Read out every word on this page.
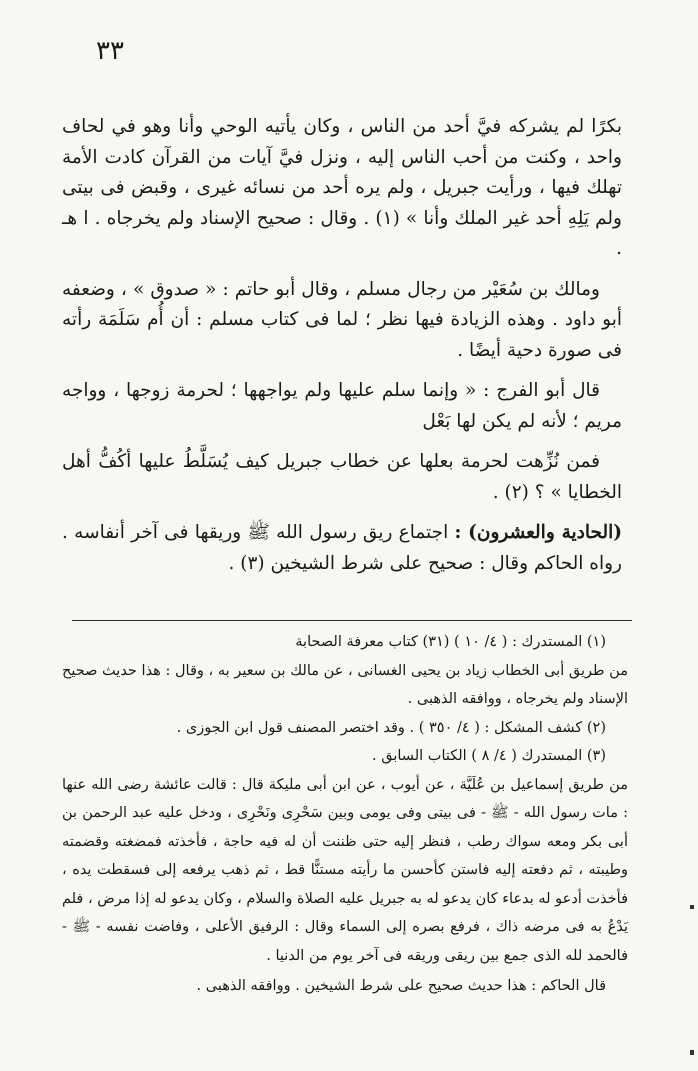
٣٣

بكرًا لم يشركه فيَّ أحد من الناس ، وكان يأتيه الوحي وأنا وهو في لحاف واحد ، وكنت من أحب الناس إليه ، ونزل فيَّ آيات من القرآن كادت الأمة تهلك فيها ، ورأيت جبريل ، ولم يره أحد من نسائه غيرى ، وقبض فى بيتى ولم يَلِهِ أحد غير الملك وأنا » (١) . وقال : صحيح الإسناد ولم يخرجاه . ا هـ .

ومالك بن سُعَيْر من رجال مسلم ، وقال أبو حاتم : « صدوق » ، وضعفه أبو داود . وهذه الزيادة فيها نظر ؛ لما فى كتاب مسلم : أن أُم سَلَمَة رأته فى صورة دحية أيضًا .

قال أبو الفرج : « وإنما سلم عليها ولم يواجهها ؛ لحرمة زوجها ، وواجه مريم ؛ لأنه لم يكن لها بَعْل

فمن نُزِّهت لحرمة بعلها عن خطاب جبريل كيف يُسَلَّطُ عليها أكُفُّ أهل الخطايا » ؟ (٢) .

(الحادية والعشرون) : اجتماع ريق رسول الله ﷺ وريقها فى آخر أنفاسه . رواه الحاكم وقال : صحيح على شرط الشيخين (٣) .

(١) المستدرك : ( ٤/ ١٠ ) (٣١) كتاب معرفة الصحابة

من طريق أبى الخطاب زياد بن يحيى الغسانى ، عن مالك بن سعير به ، وقال : هذا حديث صحيح الإسناد ولم يخرجاه ، ووافقه الذهبى .

(٢) كشف المشكل : ( ٤/ ٣٥٠ ) . وقد اختصر المصنف قول ابن الجوزى .

(٣) المستدرك ( ٤/ ٨ ) الكتاب السابق .

من طريق إسماعيل بن عُلَيَّة ، عن أيوب ، عن ابن أبى مليكة قال : قالت عائشة رضى الله عنها : مات رسول الله - ﷺ - فى بيتى وفى يومى وبين سَحْرِى ونَحْرِى ، ودخل عليه عبد الرحمن بن أبى بكر ومعه سواك رطب ، فنظر إليه حتى ظننت أن له فيه حاجة ، فأخذته فمضغته وقضمته وطيبته ، ثم دفعته إليه فاستن كأحسن ما رأيته مستنًّا قط ، ثم ذهب يرفعه إلى فسقطت يده ، فأخذت أدعو له بدعاء كان يدعو له به جبريل عليه الصلاة والسلام ، وكان يدعو له إذا مرض ، فلم يَدْعُ به فى مرضه ذاك ، فرفع بصره إلى السماء وقال : الرفيق الأعلى ، وفاضت نفسه - ﷺ - فالحمد لله الذى جمع بين ريقى وريقه فى آخر يوم من الدنيا .

قال الحاكم : هذا حديث صحيح على شرط الشيخين . ووافقه الذهبى .
